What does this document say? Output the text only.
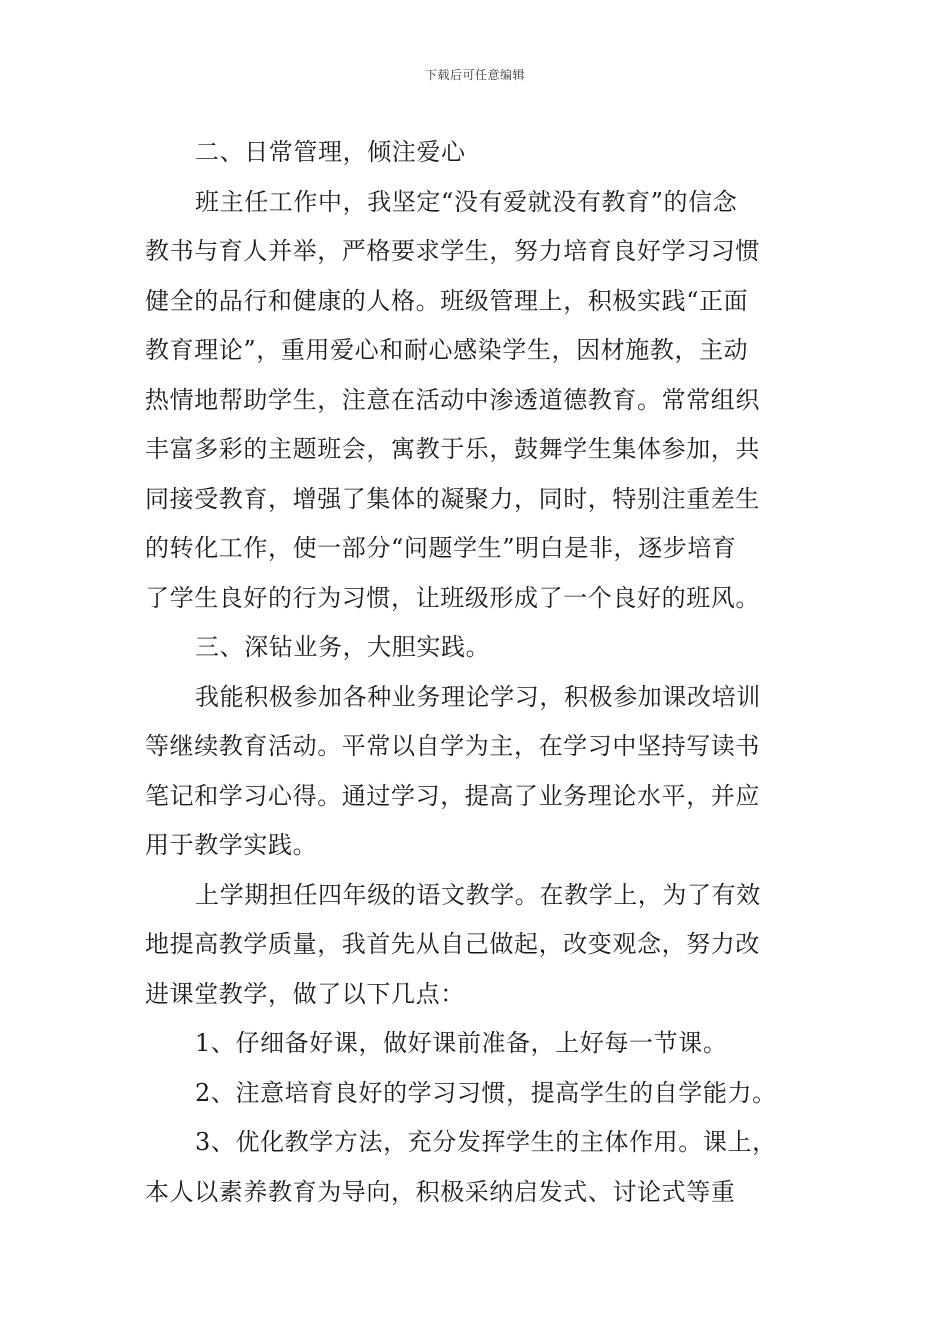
下载后可任意编辑
二、日常管理，倾注爱心
班主任工作中，我坚定“没有爱就没有教育”的信念
教书与育人并举，严格要求学生，努力培育良好学习习惯
健全的品行和健康的人格。班级管理上，积极实践“正面
教育理论”，重用爱心和耐心感染学生，因材施教，主动
热情地帮助学生，注意在活动中渗透道德教育。常常组织
丰富多彩的主题班会，寓教于乐，鼓舞学生集体参加，共
同接受教育，增强了集体的凝聚力，同时，特别注重差生
的转化工作，使一部分“问题学生”明白是非，逐步培育
了学生良好的行为习惯，让班级形成了一个良好的班风。
三、深钻业务，大胆实践。
我能积极参加各种业务理论学习，积极参加课改培训
等继续教育活动。平常以自学为主，在学习中坚持写读书
笔记和学习心得。通过学习，提高了业务理论水平，并应
用于教学实践。
上学期担任四年级的语文教学。在教学上，为了有效
地提高教学质量，我首先从自己做起，改变观念，努力改
进课堂教学，做了以下几点：
1、仔细备好课，做好课前准备，上好每一节课。
2、注意培育良好的学习习惯，提高学生的自学能力。
3、优化教学方法，充分发挥学生的主体作用。课上，
本人以素养教育为导向，积极采纳启发式、讨论式等重
